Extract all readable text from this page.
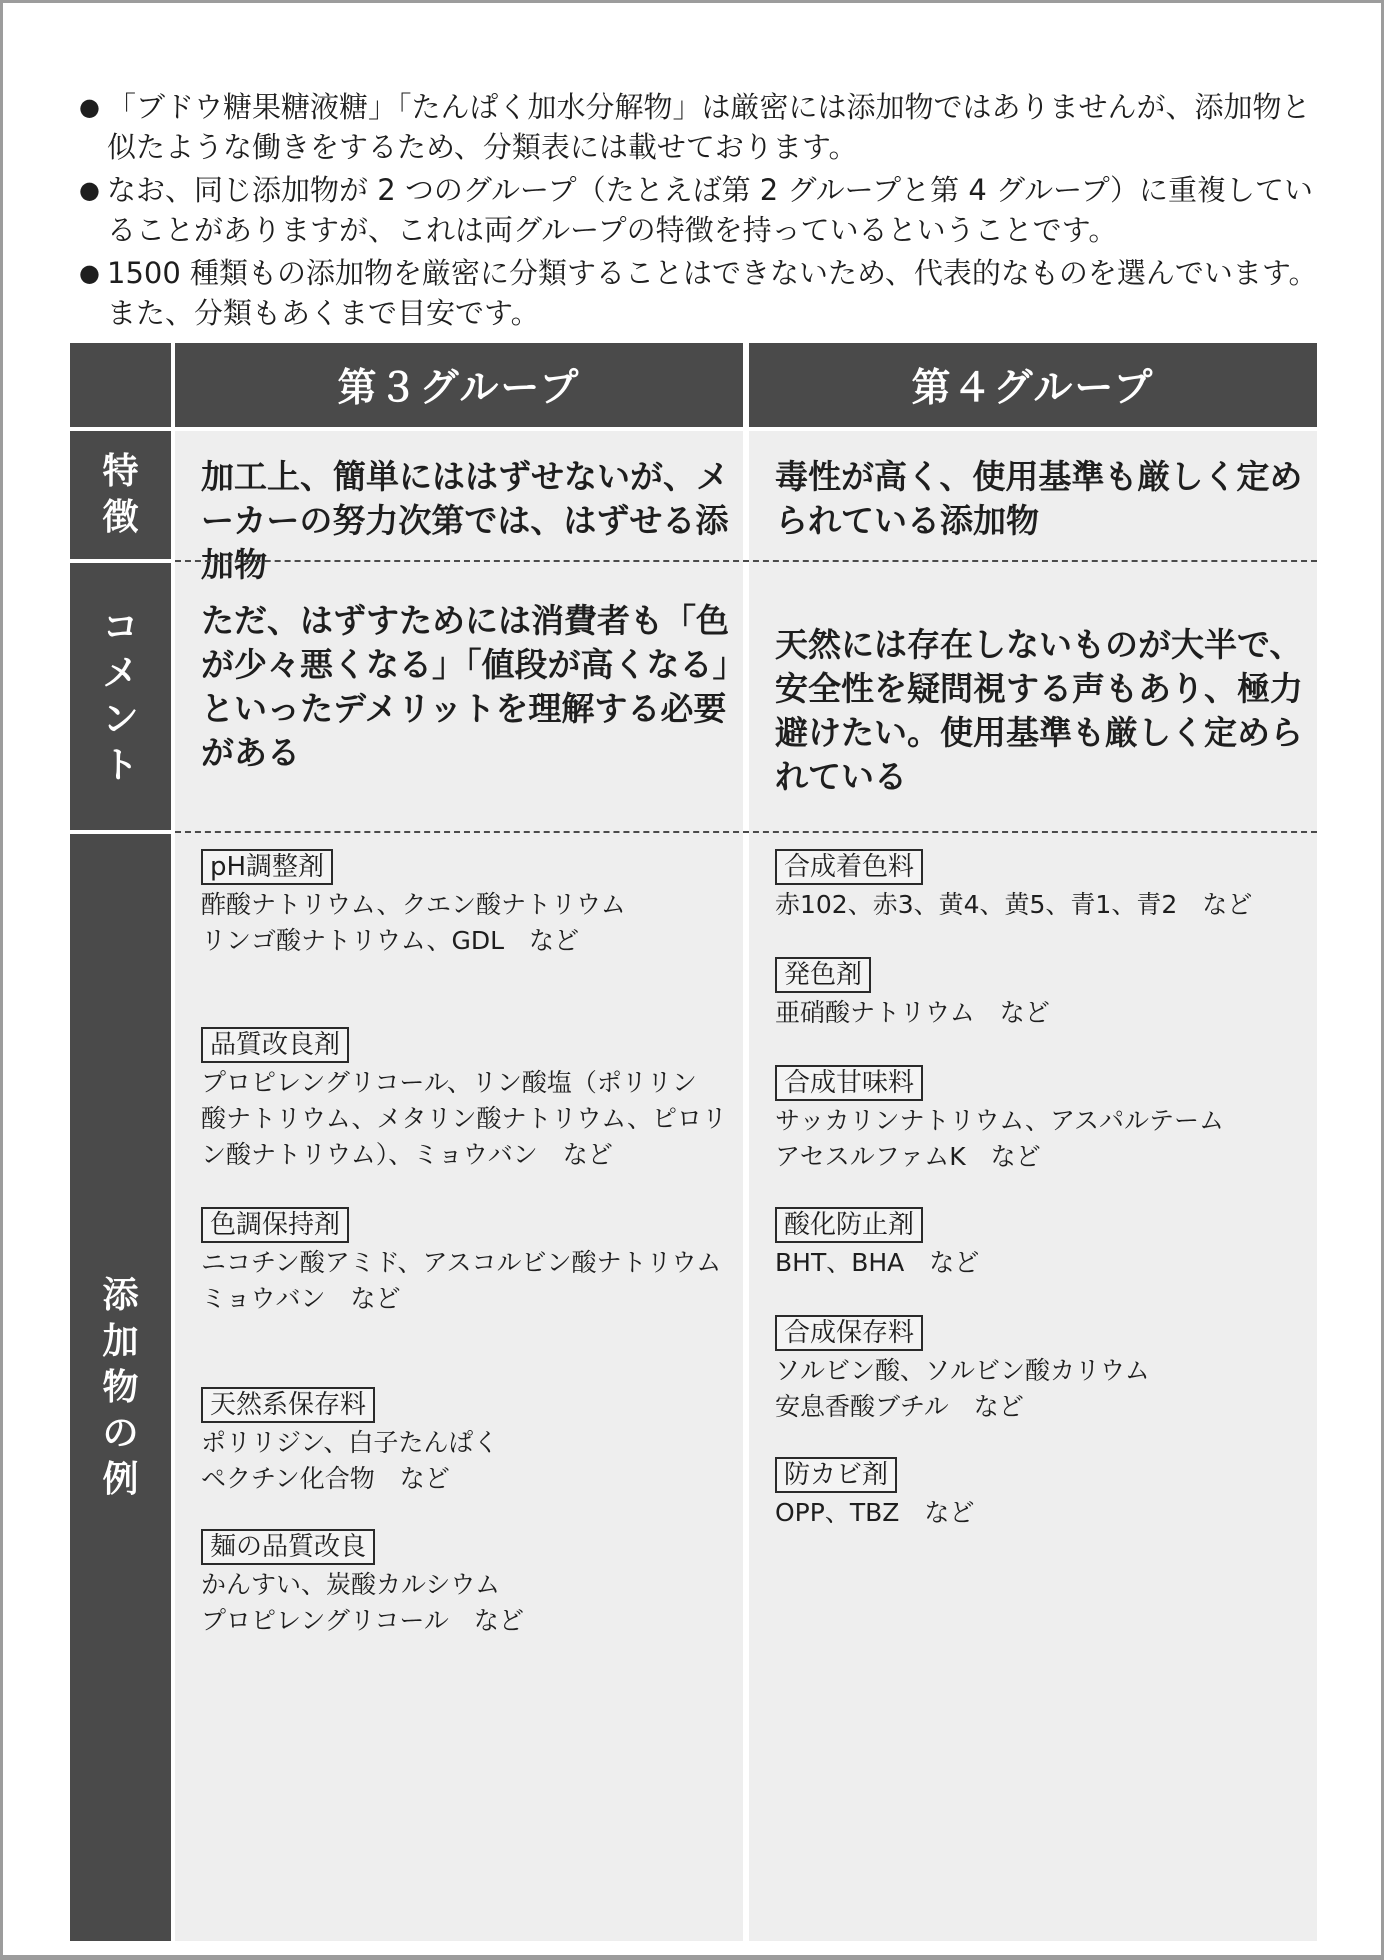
● 「ブドウ糖果糖液糖」「たんぱく加水分解物」は厳密には添加物ではありませんが、添加物と似たような働きをするため、分類表には載せております。
● なお、同じ添加物が 2 つのグループ（たとえば第 2 グループと第 4 グループ）に重複していることがありますが、これは両グループの特徴を持っているということです。
● 1500 種類もの添加物を厳密に分類することはできないため、代表的なものを選んでいます。また、分類もあくまで目安です。
第３グループ	第４グループ
特徴
コメント
添加物の例
加工上、簡単にははずせないが、メーカーの努力次第では、はずせる添加物
ただ、はずすためには消費者も「色が少々悪くなる」「値段が高くなる」といったデメリットを理解する必要がある
pH調整剤
酢酸ナトリウム、クエン酸ナトリウム
リンゴ酸ナトリウム、GDL　など
品質改良剤
プロピレングリコール、リン酸塩（ポリリン
酸ナトリウム、メタリン酸ナトリウム、ピロリ
ン酸ナトリウム）、ミョウバン　など
色調保持剤
ニコチン酸アミド、アスコルビン酸ナトリウム
ミョウバン　など
天然系保存料
ポリリジン、白子たんぱく
ペクチン化合物　など
麺の品質改良
かんすい、炭酸カルシウム
プロピレングリコール　など
毒性が高く、使用基準も厳しく定められている添加物
天然には存在しないものが大半で、安全性を疑問視する声もあり、極力避けたい。使用基準も厳しく定められている
合成着色料
赤102、赤3、黄4、黄5、青1、青2　など
発色剤
亜硝酸ナトリウム　など
合成甘味料
サッカリンナトリウム、アスパルテーム
アセスルファムK　など
酸化防止剤
BHT、BHA　など
合成保存料
ソルビン酸、ソルビン酸カリウム
安息香酸ブチル　など
防カビ剤
OPP、TBZ　など
